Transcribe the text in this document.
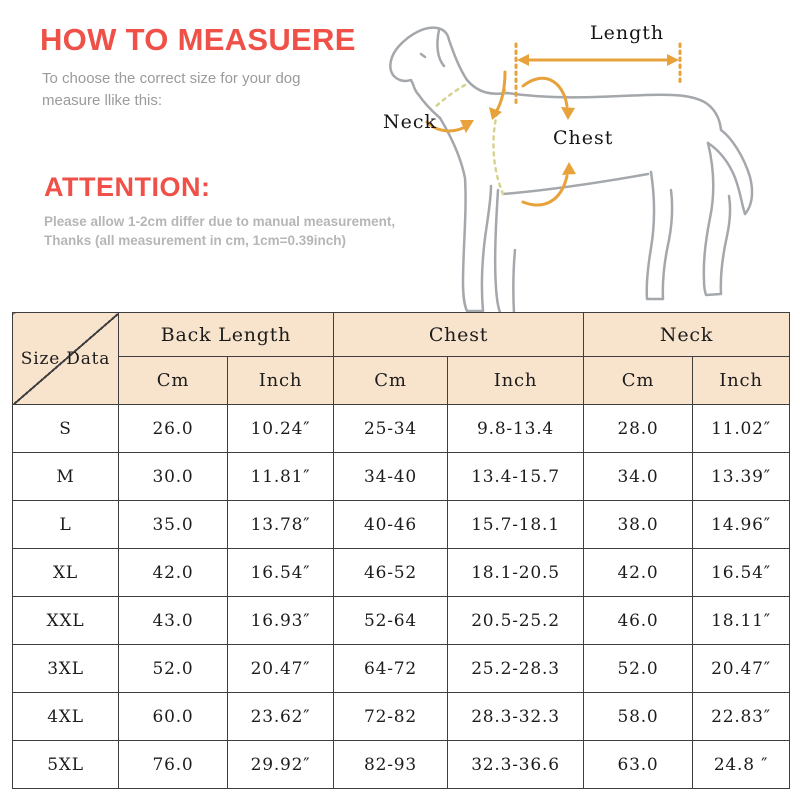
HOW TO MEASUERE
To choose the correct size for your dog
measure llike this:
ATTENTION:
Please allow 1-2cm differ due to manual measurement,
Thanks (all measurement in cm, 1cm=0.39inch)
Length
Neck
Chest
Size Data	Back Length		Chest		Neck	
	Cm	Inch	Cm	Inch	Cm	Inch
S	26.0	10.24″	25-34	9.8-13.4	28.0	11.02″
M	30.0	11.81″	34-40	13.4-15.7	34.0	13.39″
L	35.0	13.78″	40-46	15.7-18.1	38.0	14.96″
XL	42.0	16.54″	46-52	18.1-20.5	42.0	16.54″
XXL	43.0	16.93″	52-64	20.5-25.2	46.0	18.11″
3XL	52.0	20.47″	64-72	25.2-28.3	52.0	20.47″
4XL	60.0	23.62″	72-82	28.3-32.3	58.0	22.83″
5XL	76.0	29.92″	82-93	32.3-36.6	63.0	24.8 ″
